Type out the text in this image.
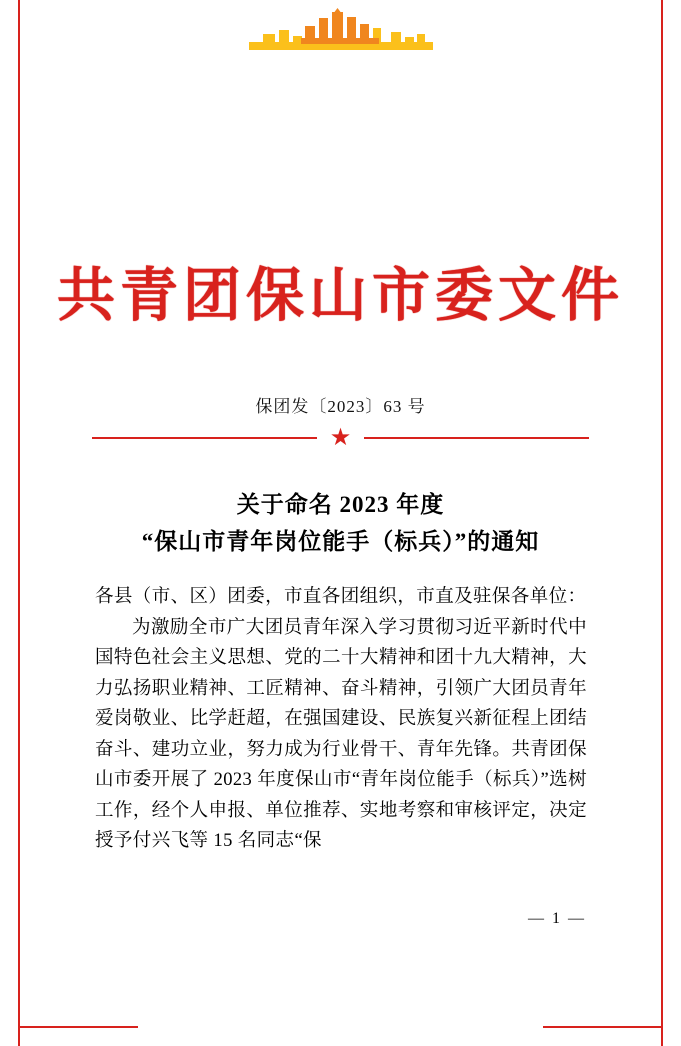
共青团保山市委文件
保团发〔2023〕63 号
★
关于命名 2023 年度
“保山市青年岗位能手（标兵）”的通知

各县（市、区）团委，市直各团组织，市直及驻保各单位：

为激励全市广大团员青年深入学习贯彻习近平新时代中国特色社会主义思想、党的二十大精神和团十九大精神，大力弘扬职业精神、工匠精神、奋斗精神，引领广大团员青年爱岗敬业、比学赶超，在强国建设、民族复兴新征程上团结奋斗、建功立业，努力成为行业骨干、青年先锋。共青团保山市委开展了 2023 年度保山市“青年岗位能手（标兵）”选树工作，经个人申报、单位推荐、实地考察和审核评定，决定授予付兴飞等 15 名同志“保

— 1 —
